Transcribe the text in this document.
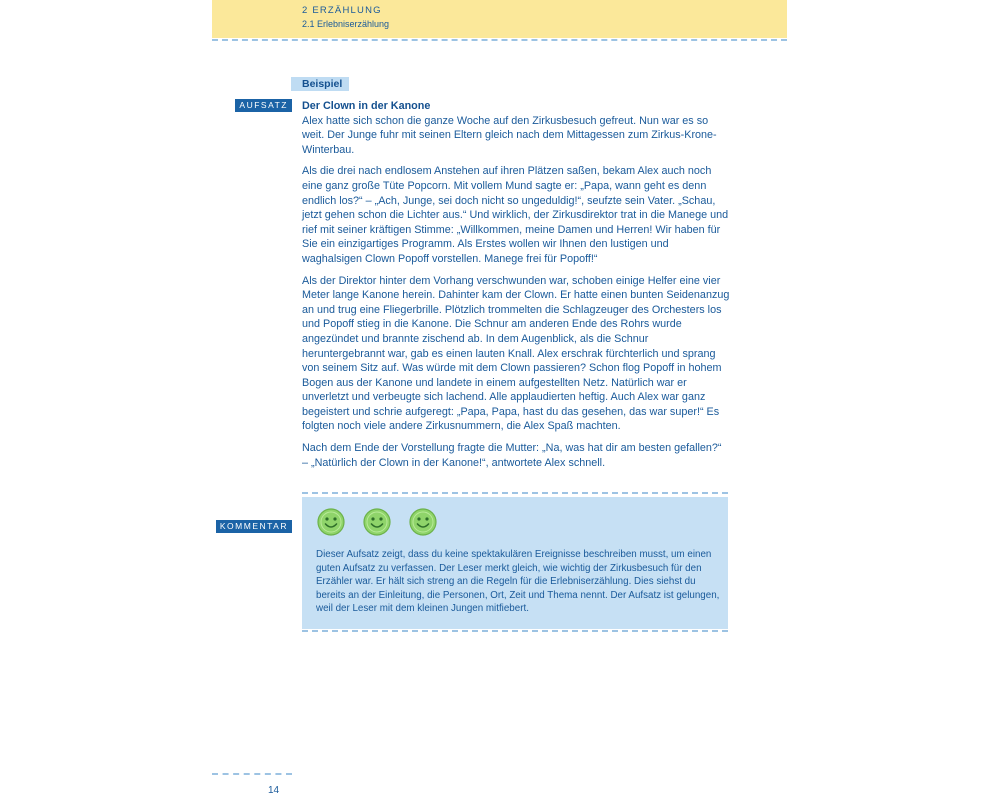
2 ERZÄHLUNG
2.1 Erlebniserzählung
Beispiel
AUFSATZ	Der Clown in der Kanone

Alex hatte sich schon die ganze Woche auf den Zirkusbesuch gefreut. Nun war es so weit. Der Junge fuhr mit seinen Eltern gleich nach dem Mittagessen zum Zirkus-Krone-Winterbau.

Als die drei nach endlosem Anstehen auf ihren Plätzen saßen, bekam Alex auch noch eine ganz große Tüte Popcorn. Mit vollem Mund sagte er: „Papa, wann geht es denn endlich los?“ – „Ach, Junge, sei doch nicht so ungeduldig!“, seufzte sein Vater. „Schau, jetzt gehen schon die Lichter aus.“ Und wirklich, der Zirkusdirektor trat in die Manege und rief mit seiner kräftigen Stimme: „Willkommen, meine Damen und Herren! Wir haben für Sie ein einzigartiges Programm. Als Erstes wollen wir Ihnen den lustigen und waghalsigen Clown Popoff vorstellen. Manege frei für Popoff!“

Als der Direktor hinter dem Vorhang verschwunden war, schoben einige Helfer eine vier Meter lange Kanone herein. Dahinter kam der Clown. Er hatte einen bunten Seidenanzug an und trug eine Fliegerbrille. Plötzlich trommelten die Schlagzeuger des Orchesters los und Popoff stieg in die Kanone. Die Schnur am anderen Ende des Rohrs wurde angezündet und brannte zischend ab. In dem Augenblick, als die Schnur heruntergebrannt war, gab es einen lauten Knall. Alex erschrak fürchterlich und sprang von seinem Sitz auf. Was würde mit dem Clown passieren? Schon flog Popoff in hohem Bogen aus der Kanone und landete in einem aufgestellten Netz. Natürlich war er unverletzt und verbeugte sich lachend. Alle applaudierten heftig. Auch Alex war ganz begeistert und schrie aufgeregt: „Papa, Papa, hast du das gesehen, das war super!“ Es folgten noch viele andere Zirkusnummern, die Alex Spaß machten.

Nach dem Ende der Vorstellung fragte die Mutter: „Na, was hat dir am besten gefallen?“ – „Natürlich der Clown in der Kanone!“, antwortete Alex schnell.

KOMMENTAR
Dieser Aufsatz zeigt, dass du keine spektakulären Ereignisse beschreiben musst, um einen guten Aufsatz zu verfassen. Der Leser merkt gleich, wie wichtig der Zirkusbesuch für den Erzähler war. Er hält sich streng an die Regeln für die Erlebniserzählung. Dies siehst du bereits an der Einleitung, die Personen, Ort, Zeit und Thema nennt. Der Aufsatz ist gelungen, weil der Leser mit dem kleinen Jungen mitfiebert.
14
